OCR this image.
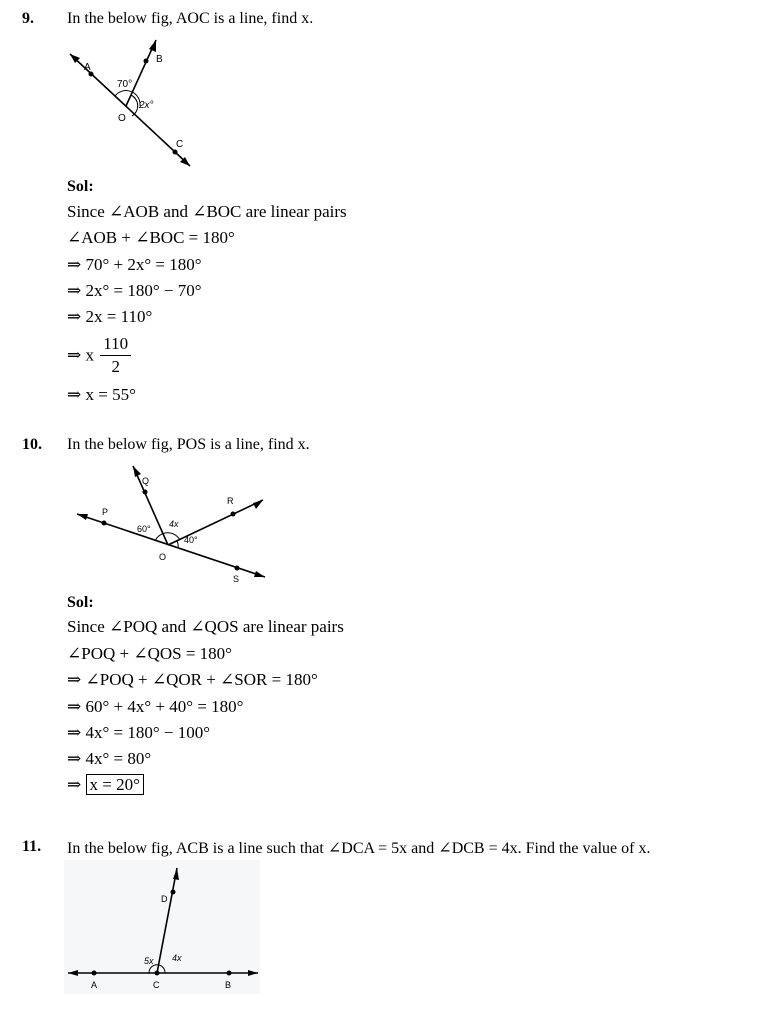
9. In the below fig, AOC is a line, find x.
A
B
O
C
70°
2x°
Sol:
Since ∠AOB and ∠BOC are linear pairs
∠AOB + ∠BOC = 180°
⇒ 70° + 2x° = 180°
⇒ 2x° = 180° − 70°
⇒ 2x = 110°
⇒ x $\frac{110}{2}$
⇒ x = 55°
10. In the below fig, POS is a line, find x.
P
Q
R
O
S
60° 4x
40°
Sol:
Since ∠POQ and ∠QOS are linear pairs
∠POQ + ∠QOS = 180°
⇒ ∠POQ + ∠QOR + ∠SOR = 180°
⇒ 60° + 4x° + 40° = 180°
⇒ 4x° = 180° − 100°
⇒ 4x° = 80°
⇒ x = 20°
11. In the below fig, ACB is a line such that ∠DCA = 5x and ∠DCB = 4x. Find the value of x.
D
A	C	B
5x 4x
